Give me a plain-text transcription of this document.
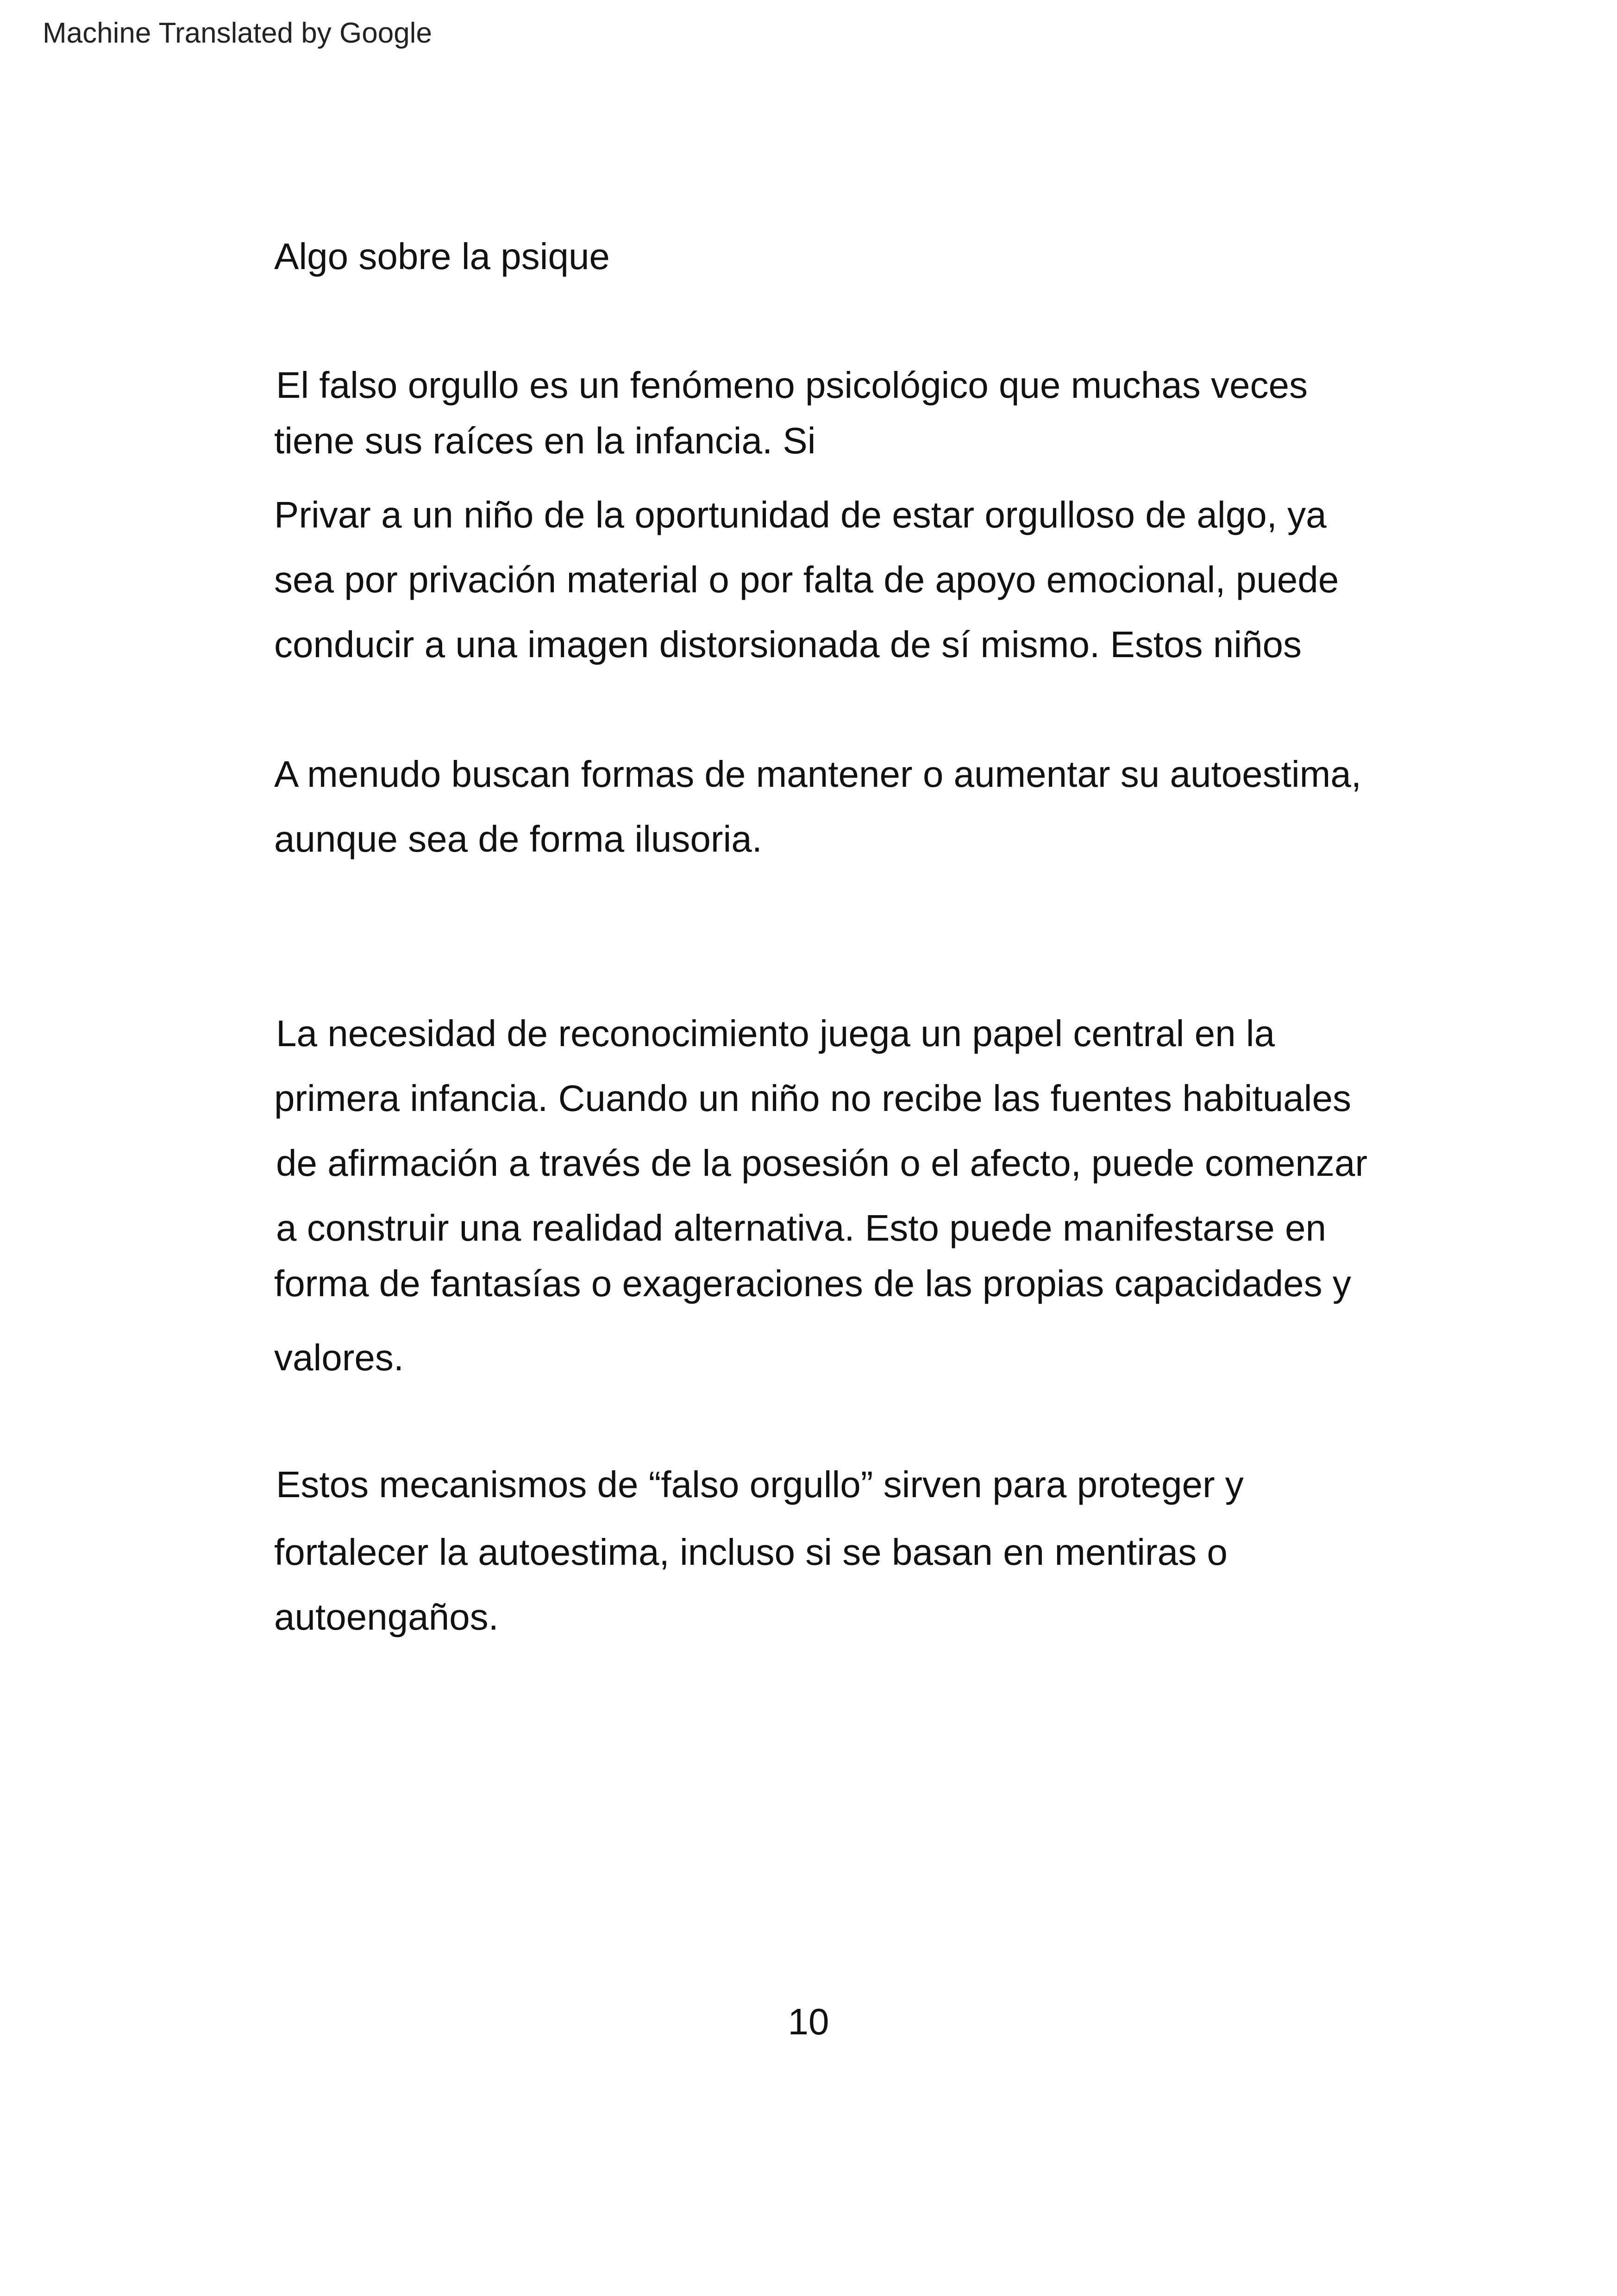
Machine Translated by Google
Algo sobre la psique
El falso orgullo es un fenómeno psicológico que muchas veces
tiene sus raíces en la infancia. Si
Privar a un niño de la oportunidad de estar orgulloso de algo, ya
sea por privación material o por falta de apoyo emocional, puede
conducir a una imagen distorsionada de sí mismo. Estos niños
A menudo buscan formas de mantener o aumentar su autoestima,
aunque sea de forma ilusoria.
La necesidad de reconocimiento juega un papel central en la
primera infancia. Cuando un niño no recibe las fuentes habituales
de afirmación a través de la posesión o el afecto, puede comenzar
a construir una realidad alternativa. Esto puede manifestarse en
forma de fantasías o exageraciones de las propias capacidades y
valores.
Estos mecanismos de “falso orgullo” sirven para proteger y
fortalecer la autoestima, incluso si se basan en mentiras o
autoengaños.
10
